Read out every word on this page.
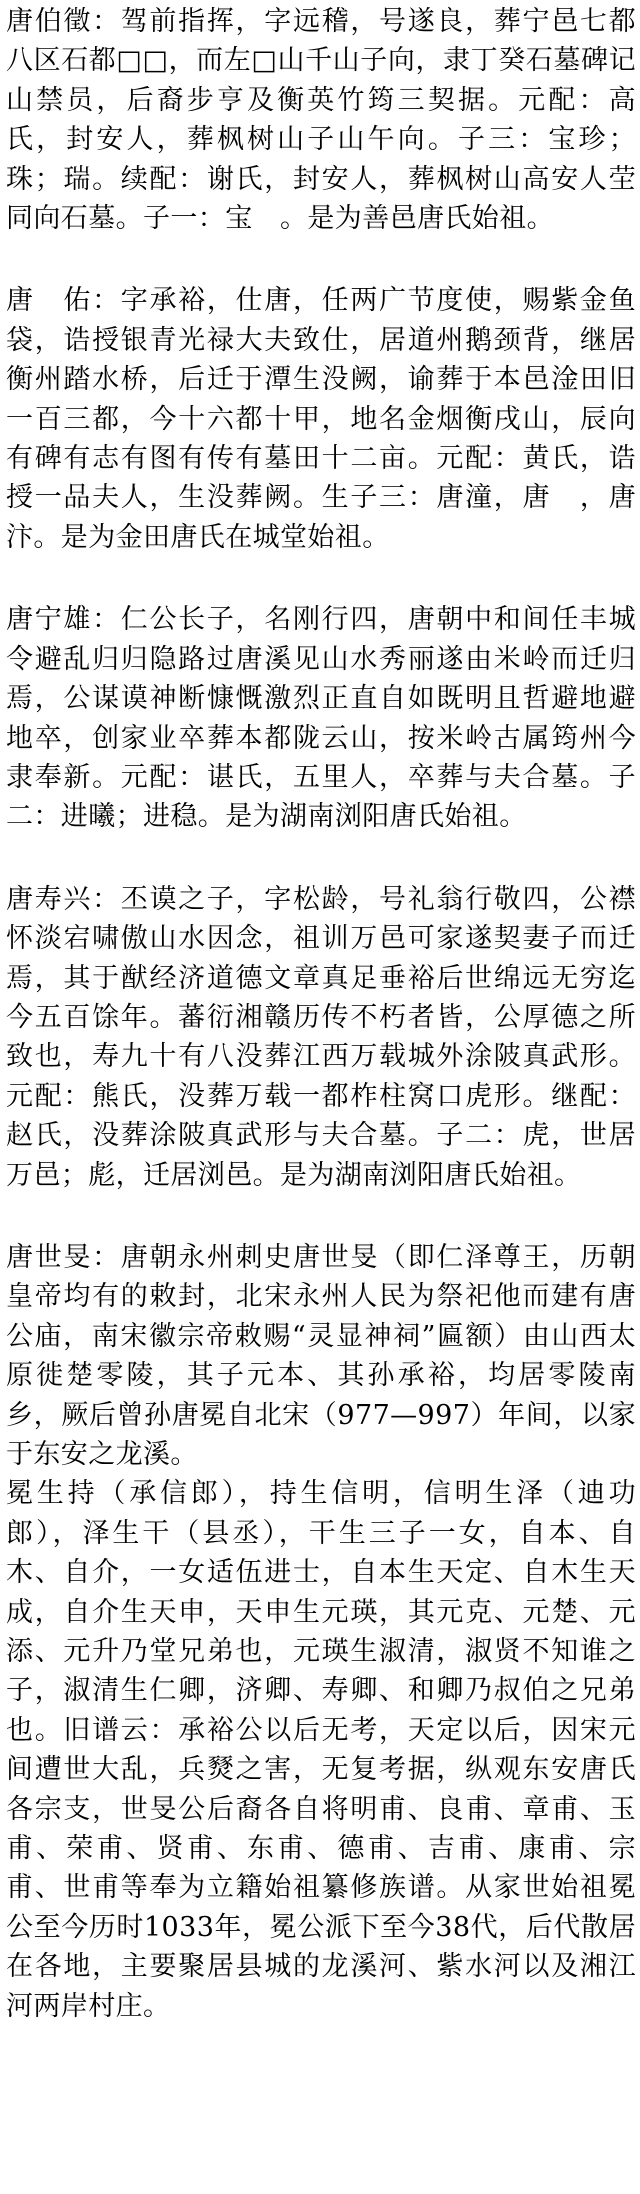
唐伯徵：驾前指挥，字远稽，号遂良，葬宁邑七都八区石都□□，而左□山千山子向，隶丁癸石墓碑记山禁员，后裔步亨及衡英竹筠三契据。元配：高氏，封安人，葬枫树山子山午向。子三：宝珍；珠；瑞。续配：谢氏，封安人，葬枫树山高安人茔同向石墓。子一：宝　。是为善邑唐氏始祖。

唐　佑：字承裕，仕唐，任两广节度使，赐紫金鱼袋，诰授银青光禄大夫致仕，居道州鹅颈背，继居衡州踏水桥，后迁于潭生没阙，谕葬于本邑淦田旧一百三都，今十六都十甲，地名金烟衡戌山，辰向有碑有志有图有传有墓田十二亩。元配：黄氏，诰授一品夫人，生没葬阙。生子三：唐潼，唐　，唐汴。是为金田唐氏在城堂始祖。

唐宁雄：仁公长子，名刚行四，唐朝中和间任丰城令避乱归归隐路过唐溪见山水秀丽遂由米岭而迁归焉，公谋谟神断慷慨激烈正直自如既明且哲避地避地卒，创家业卒葬本都陇云山，按米岭古属筠州今隶奉新。元配：谌氏，五里人，卒葬与夫合墓。子二：进曦；进稳。是为湖南浏阳唐氏始祖。

唐寿兴：丕谟之子，字松龄，号礼翁行敬四，公襟怀淡宕啸傲山水因念，祖训万邑可家遂契妻子而迁焉，其于猷经济道德文章真足垂裕后世绵远无穷迄今五百馀年。蕃衍湘赣历传不朽者皆，公厚德之所致也，寿九十有八没葬江西万载城外涂陂真武形。元配：熊氏，没葬万载一都柞柱窝口虎形。继配：赵氏，没葬涂陂真武形与夫合墓。子二：虎，世居万邑；彪，迁居浏邑。是为湖南浏阳唐氏始祖。

唐世旻：唐朝永州刺史唐世旻（即仁泽尊王，历朝皇帝均有的敕封，北宋永州人民为祭祀他而建有唐公庙，南宋徽宗帝敕赐“灵显神祠”匾额）由山西太原徙楚零陵，其子元本、其孙承裕，均居零陵南乡，厥后曾孙唐冕自北宋（977—997）年间，以家于东安之龙溪。

冕生持（承信郎），持生信明，信明生泽（迪功郎），泽生干（县丞），干生三子一女，自本、自木、自介，一女适伍进士，自本生天定、自木生天成，自介生天申，天申生元瑛，其元克、元楚、元添、元升乃堂兄弟也，元瑛生淑清，淑贤不知谁之子，淑清生仁卿，济卿、寿卿、和卿乃叔伯之兄弟也。旧谱云：承裕公以后无考，天定以后，因宋元间遭世大乱，兵燹之害，无复考据，纵观东安唐氏各宗支，世旻公后裔各自将明甫、良甫、章甫、玉甫、荣甫、贤甫、东甫、德甫、吉甫、康甫、宗甫、世甫等奉为立籍始祖纂修族谱。从家世始祖冕公至今历时1033年，冕公派下至今38代，后代散居在各地，主要聚居县城的龙溪河、紫水河以及湘江河两岸村庄。
